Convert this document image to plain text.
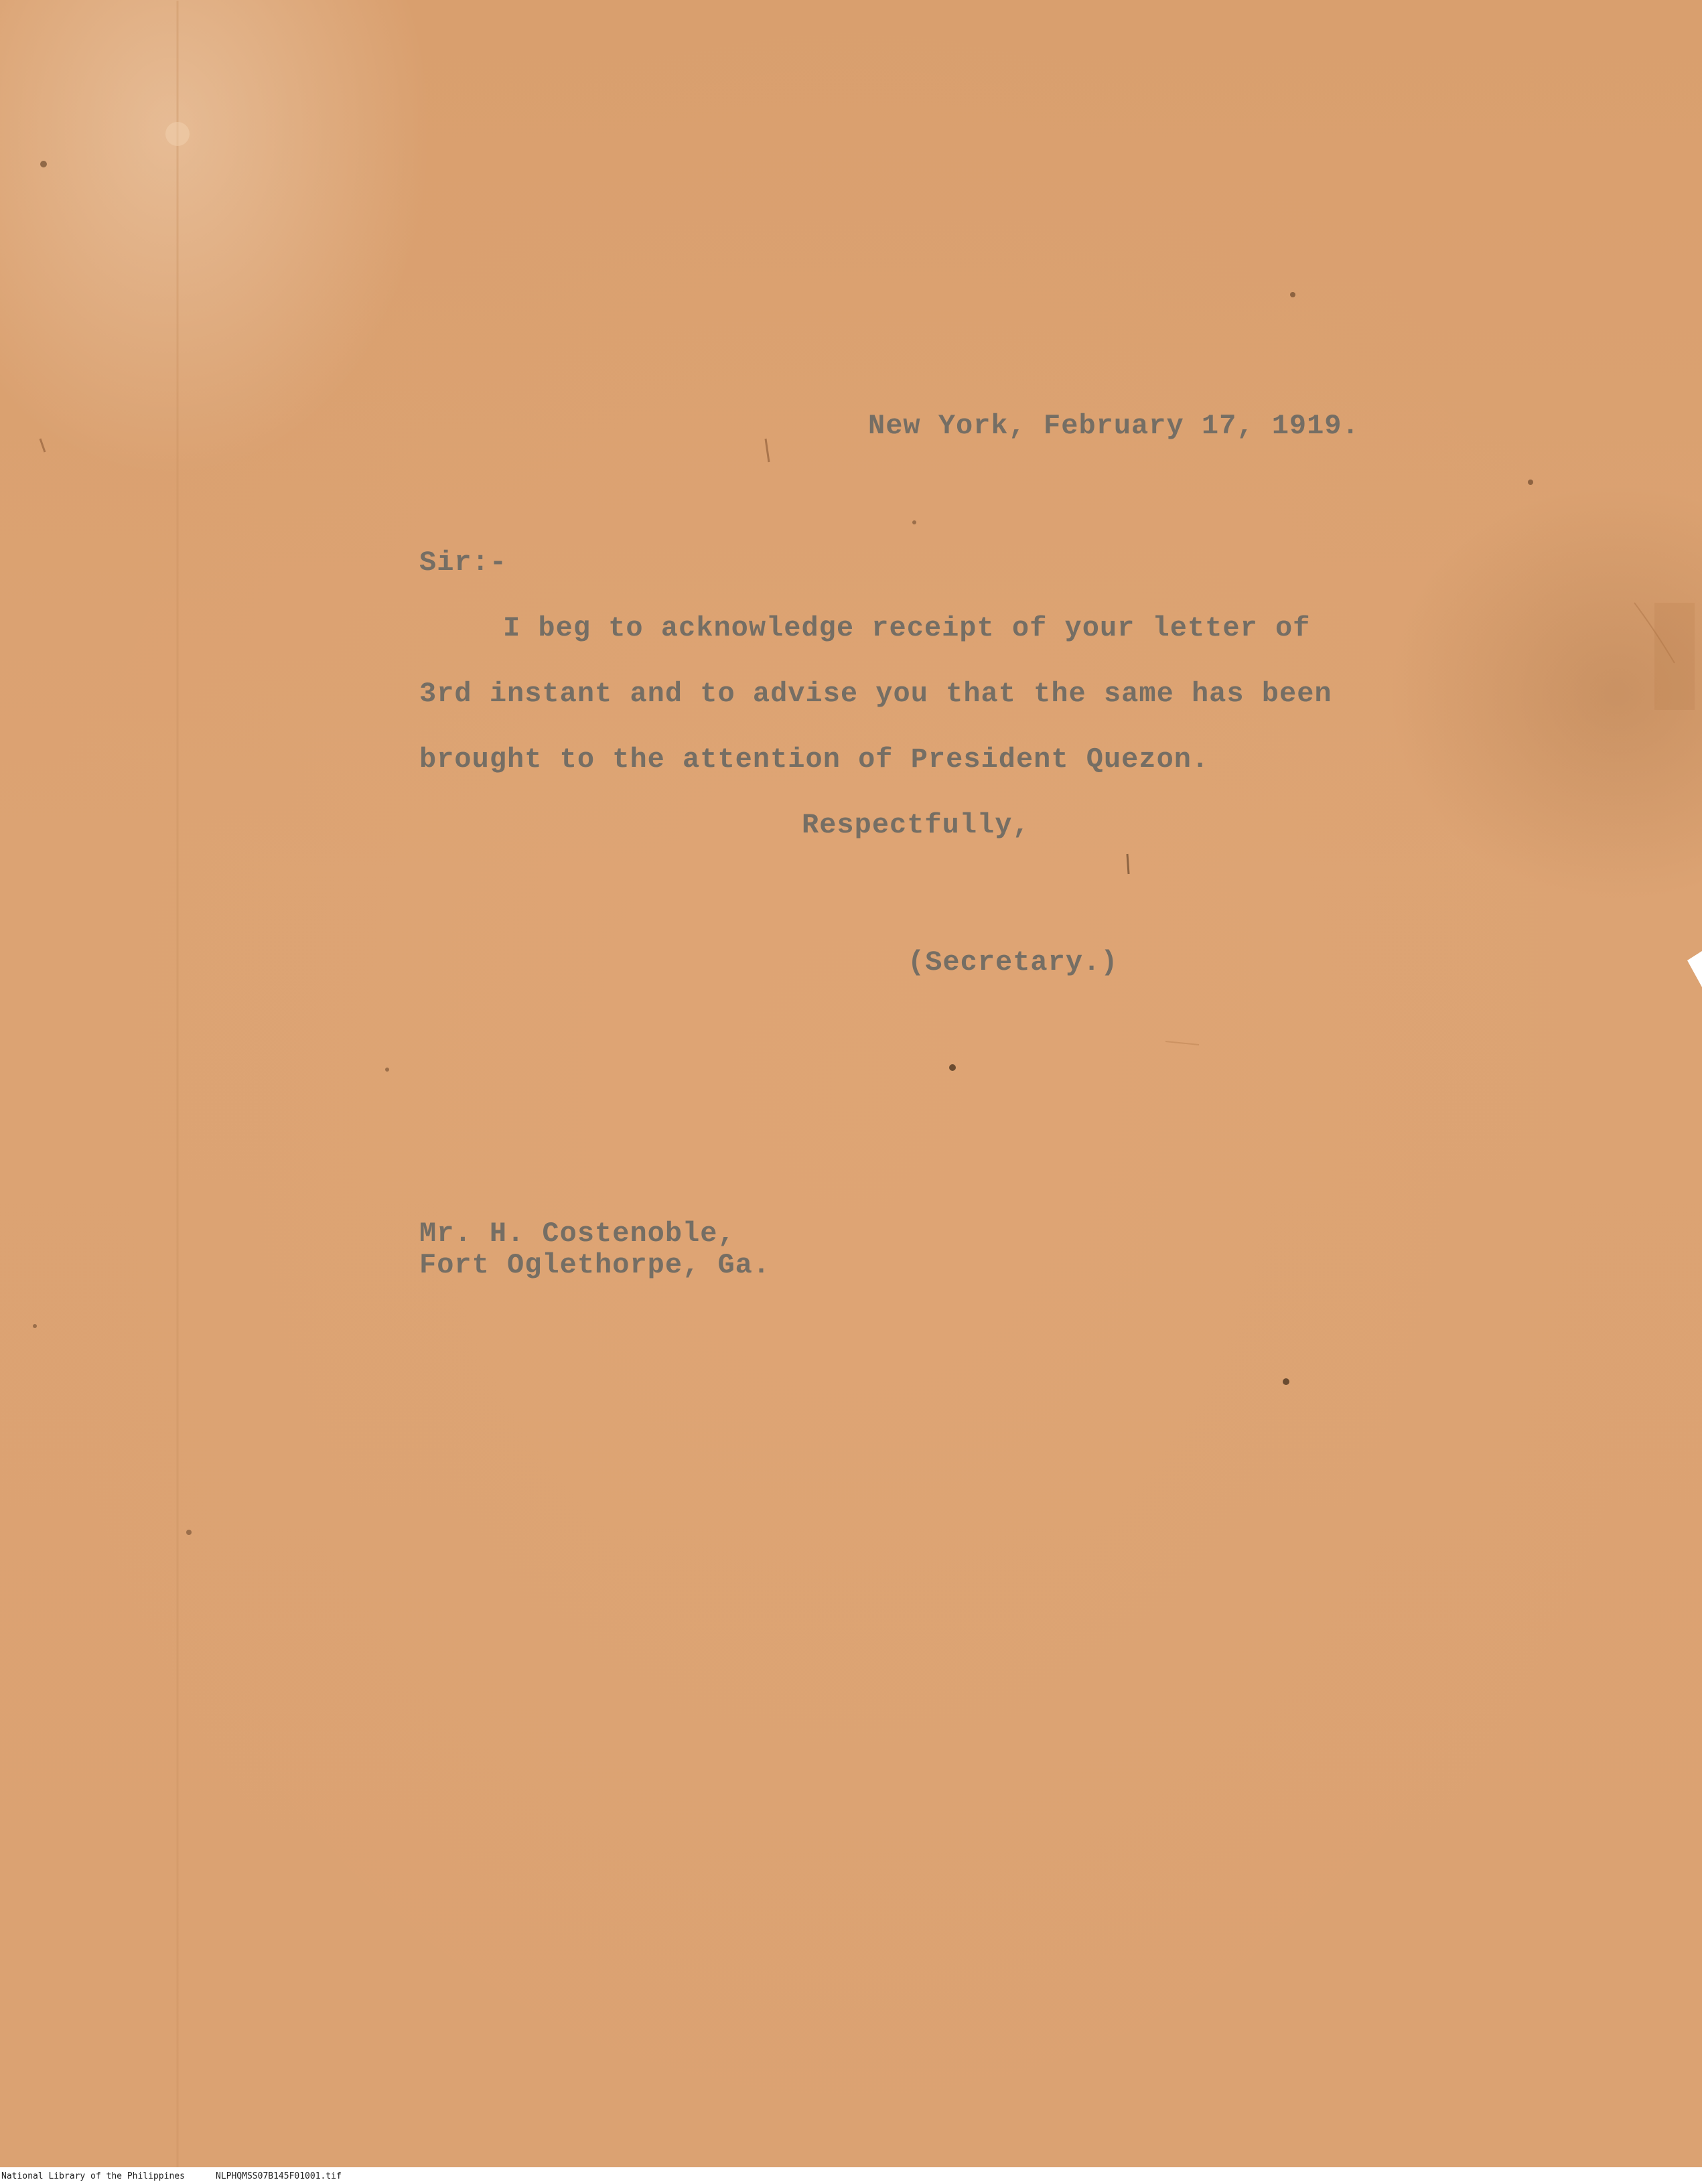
New York, February 17, 1919.
Sir:-
I beg to acknowledge receipt of your letter of
3rd instant and to advise you that the same has been
brought to the attention of President Quezon.
Respectfully,
(Secretary.)
Mr. H. Costenoble,
Fort Oglethorpe, Ga.
National Library of the Philippines	NLPHQMSS07B145F01001.tif
